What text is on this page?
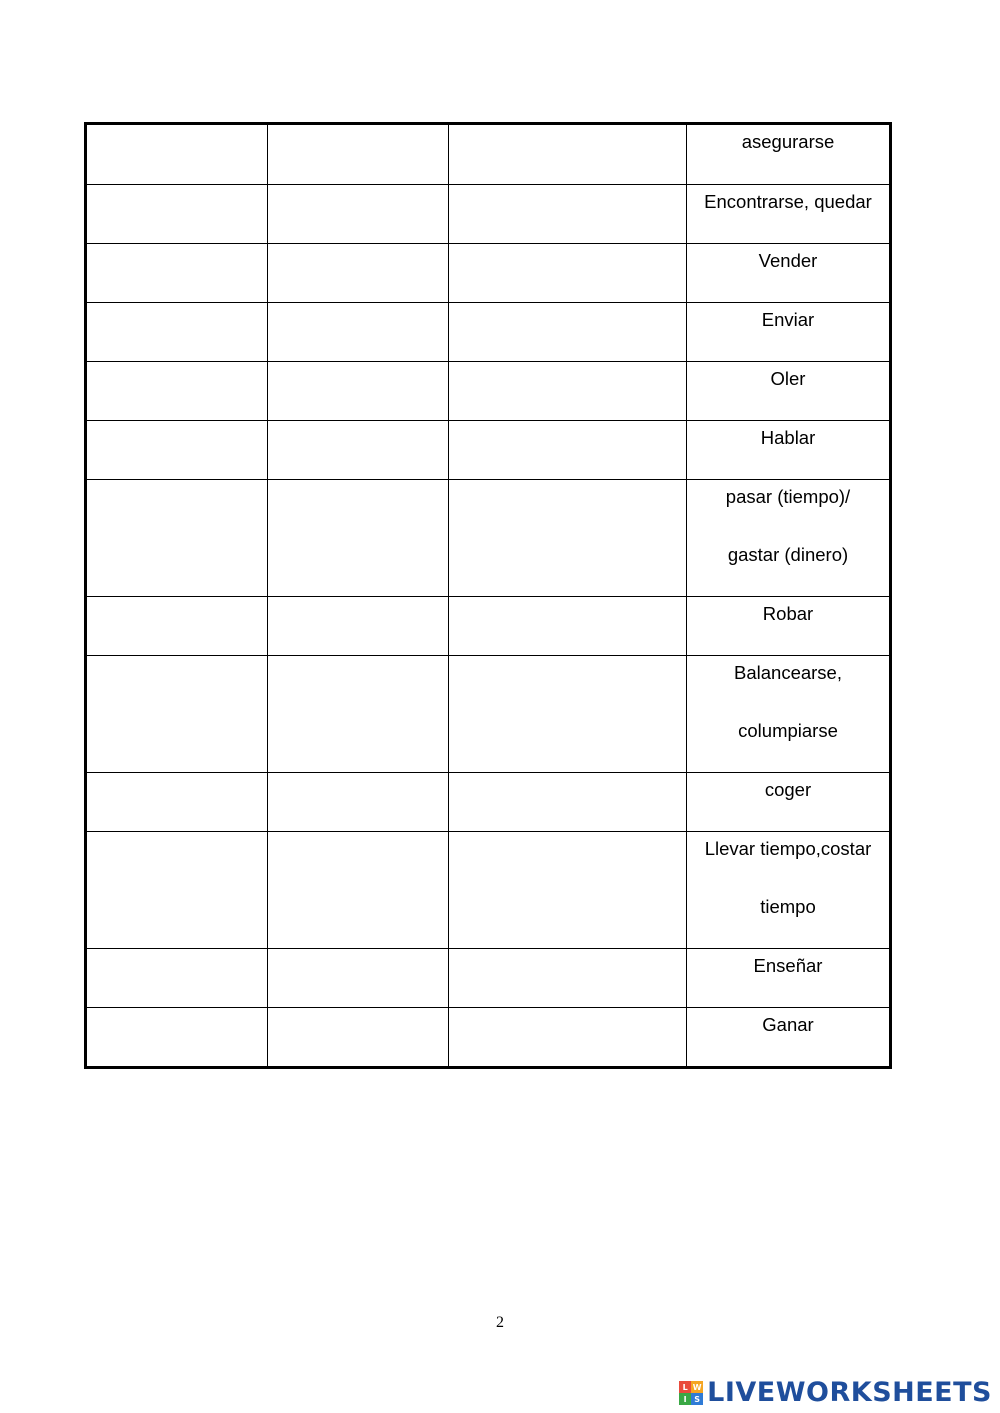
asegurarse

Encontrarse, quedar

Vender

Enviar

Oler

Hablar

pasar (tiempo)/
gastar (dinero)

Robar

Balancearse,
columpiarse

coger

Llevar tiempo,costar
tiempo

Enseñar

Ganar
2
L W
I S LIVEWORKSHEETS
